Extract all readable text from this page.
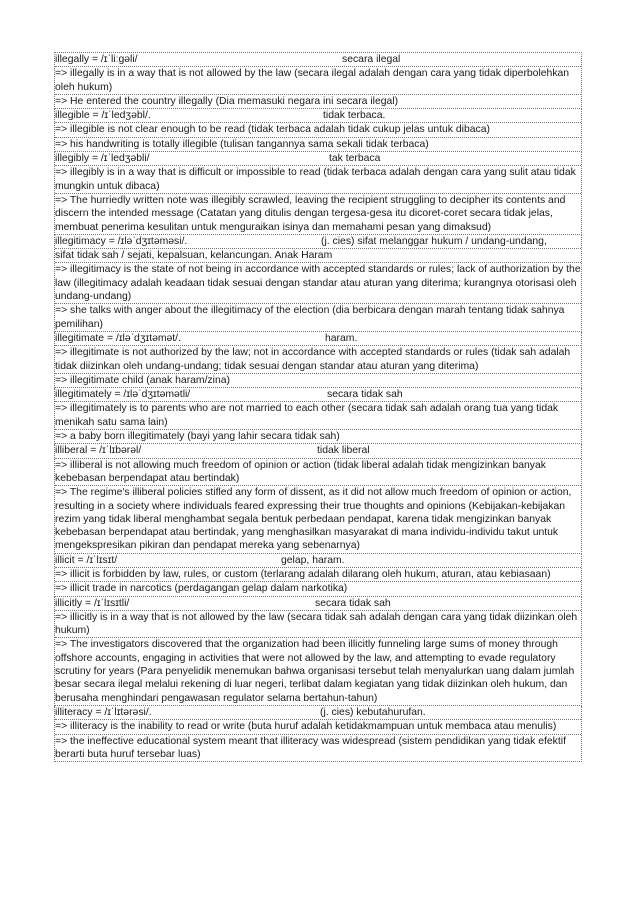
illegally = /ɪˈliːɡəli/	secara ilegal
=> illegally is in a way that is not allowed by the law (secara ilegal adalah dengan cara yang tidak diperbolehkan oleh hukum)
=> He entered the country illegally (Dia memasuki negara ini secara ilegal)
illegible = /ɪˈledʒəbl/.	tidak terbaca.
=> illegible is not clear enough to be read (tidak terbaca adalah tidak cukup jelas untuk dibaca)
=> his handwriting is totally illegible (tulisan tangannya sama sekali tidak terbaca)
illegibly = /ɪˈledʒəbli/	tak terbaca
=> illegibly is in a way that is difficult or impossible to read (tidak terbaca adalah dengan cara yang sulit atau tidak mungkin untuk dibaca)
=> The hurriedly written note was illegibly scrawled, leaving the recipient struggling to decipher its contents and discern the intended message (Catatan yang ditulis dengan tergesa-gesa itu dicoret-coret secara tidak jelas, membuat penerima kesulitan untuk menguraikan isinya dan memahami pesan yang dimaksud)
illegitimacy = /ɪləˈdʒɪtəməsi/.	(j. cies) sifat melanggar hukum / undang-undang,
sifat tidak sah / sejati, kepalsuan, kelancungan. Anak Haram
=> illegitimacy is the state of not being in accordance with accepted standards or rules; lack of authorization by the law (illegitimacy adalah keadaan tidak sesuai dengan standar atau aturan yang diterima; kurangnya otorisasi oleh undang-undang)
=> she talks with anger about the illegitimacy of the election (dia berbicara dengan marah tentang tidak sahnya pemilihan)
illegitimate = /ɪləˈdʒɪtəmət/.	haram.
=> illegitimate is not authorized by the law; not in accordance with accepted standards or rules (tidak sah adalah tidak diizinkan oleh undang-undang; tidak sesuai dengan standar atau aturan yang diterima)
=> illegitimate child (anak haram/zina)
illegitimately = /ɪləˈdʒɪtəmətli/	secara tidak sah
=> illegitimately is to parents who are not married to each other (secara tidak sah adalah orang tua yang tidak menikah satu sama lain)
=> a baby born illegitimately (bayi yang lahir secara tidak sah)
illiberal = /ɪˈlɪbərəl/	tidak liberal
=> illiberal is not allowing much freedom of opinion or action (tidak liberal adalah tidak mengizinkan banyak kebebasan berpendapat atau bertindak)
=> The regime's illiberal policies stifled any form of dissent, as it did not allow much freedom of opinion or action, resulting in a society where individuals feared expressing their true thoughts and opinions (Kebijakan-kebijakan rezim yang tidak liberal menghambat segala bentuk perbedaan pendapat, karena tidak mengizinkan banyak kebebasan berpendapat atau bertindak, yang menghasilkan masyarakat di mana individu-individu takut untuk mengekspresikan pikiran dan pendapat mereka yang sebenarnya)
illicit = /ɪˈlɪsɪt/	gelap, haram.
=> illicit is forbidden by law, rules, or custom (terlarang adalah dilarang oleh hukum, aturan, atau kebiasaan)
=> illicit trade in narcotics (perdagangan gelap dalam narkotika)
illicitly = /ɪˈlɪsɪtli/	secara tidak sah
=> illicitly is in a way that is not allowed by the law (secara tidak sah adalah dengan cara yang tidak diizinkan oleh hukum)
=> The investigators discovered that the organization had been illicitly funneling large sums of money through offshore accounts, engaging in activities that were not allowed by the law, and attempting to evade regulatory scrutiny for years (Para penyelidik menemukan bahwa organisasi tersebut telah menyalurkan uang dalam jumlah besar secara ilegal melalui rekening di luar negeri, terlibat dalam kegiatan yang tidak diizinkan oleh hukum, dan berusaha menghindari pengawasan regulator selama bertahun-tahun)
illiteracy = /ɪˈlɪtərəsi/.	(j. cies) kebutahurufan.
=> illiteracy is the inability to read or write (buta huruf adalah ketidakmampuan untuk membaca atau menulis)
=> the ineffective educational system meant that illiteracy was widespread (sistem pendidikan yang tidak efektif berarti buta huruf tersebar luas)
